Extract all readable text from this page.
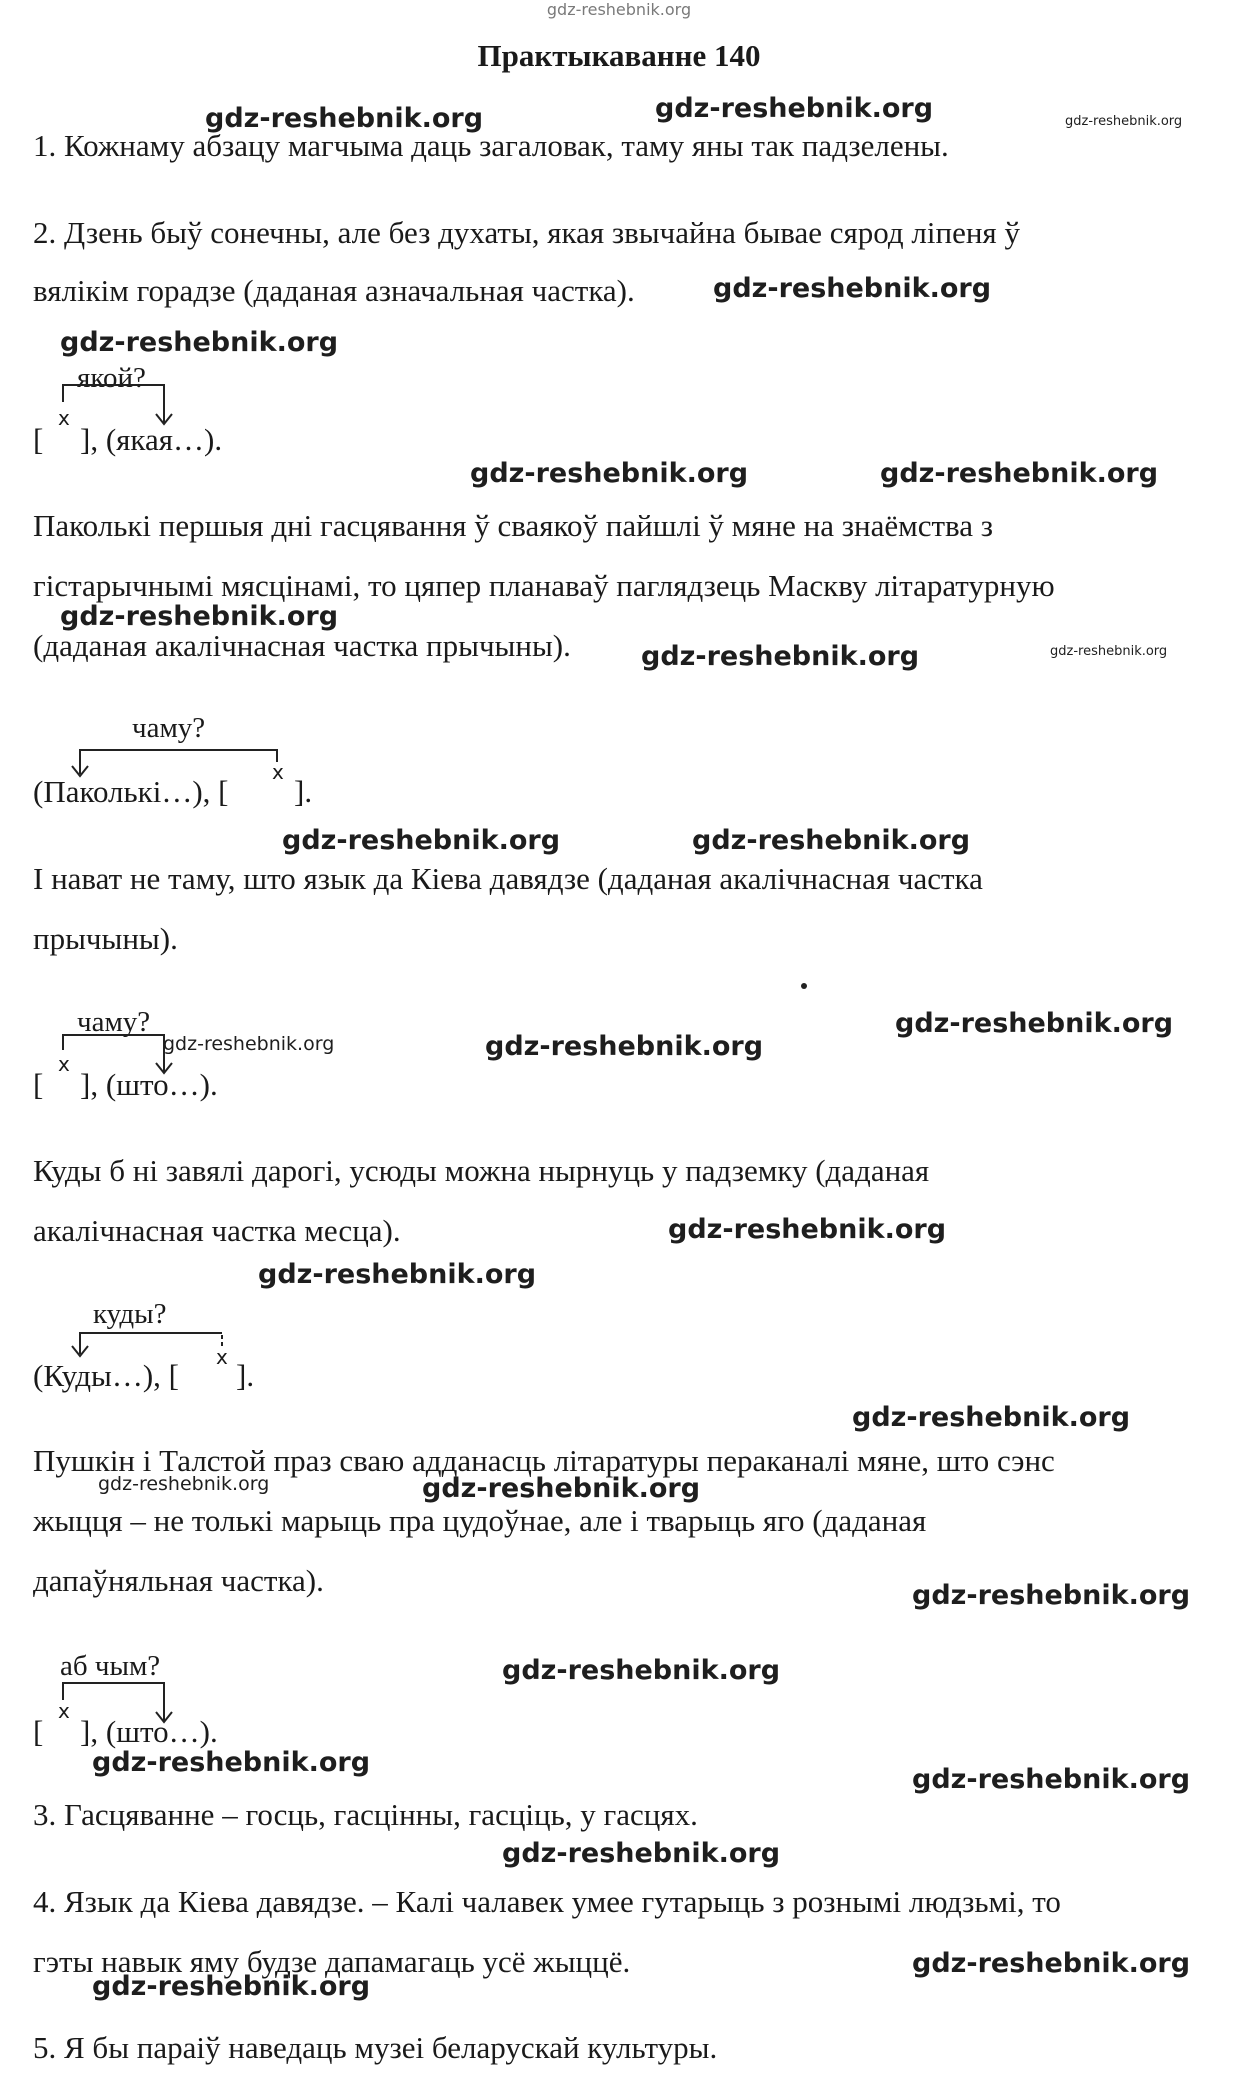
gdz-reshebnik.org
Практыкаванне 140
1. Кожнаму абзацу магчыма даць загаловак, таму яны так падзелены.
2. Дзень быў сонечны, але без духаты, якая звычайна бывае сярод ліпеня ў
вялікім горадзе (даданая азначальная частка).
якой?
x
[ ], (якая…).
Паколькі першыя дні гасцявання ў сваякоў пайшлі ў мяне на знаёмства з
гістарычнымі мясцінамі, то цяпер планаваў паглядзець Маскву літаратурную
(даданая акалічнасная частка прычыны).
чаму?
x
(Паколькі…), [ ].
І нават не таму, што язык да Кіева давядзе (даданая акалічнасная частка
прычыны).
чаму?
x
[ ], (што…).
Куды б ні завялі дарогі, усюды можна нырнуць у падземку (даданая
акалічнасная частка месца).
куды?
x
(Куды…), [ ].
Пушкін і Талстой праз сваю адданасць літаратуры пераканалі мяне, што сэнс
жыцця – не толькі марыць пра цудоўнае, але і тварыць яго (даданая
дапаўняльная частка).
аб чым?
x
[ ], (што…).
3. Гасцяванне – госць, гасцінны, гасціць, у гасцях.
4. Язык да Кіева давядзе. – Калі чалавек умее гутарыць з рознымі людзьмі, то
гэты навык яму будзе дапамагаць усё жыццё.
5. Я бы параіў наведаць музеі беларускай культуры.
gdz-reshebnik.org	gdz-reshebnik.org	gdz-reshebnik.org
gdz-reshebnik.org
gdz-reshebnik.org
gdz-reshebnik.org	gdz-reshebnik.org
gdz-reshebnik.org
gdz-reshebnik.org	gdz-reshebnik.org
gdz-reshebnik.org	gdz-reshebnik.org
gdz-reshebnik.org
gdz-reshebnik.org	gdz-reshebnik.org
gdz-reshebnik.org
gdz-reshebnik.org
gdz-reshebnik.org
gdz-reshebnik.org	gdz-reshebnik.org
gdz-reshebnik.org
gdz-reshebnik.org
gdz-reshebnik.org
gdz-reshebnik.org
gdz-reshebnik.org
gdz-reshebnik.org
gdz-reshebnik.org
